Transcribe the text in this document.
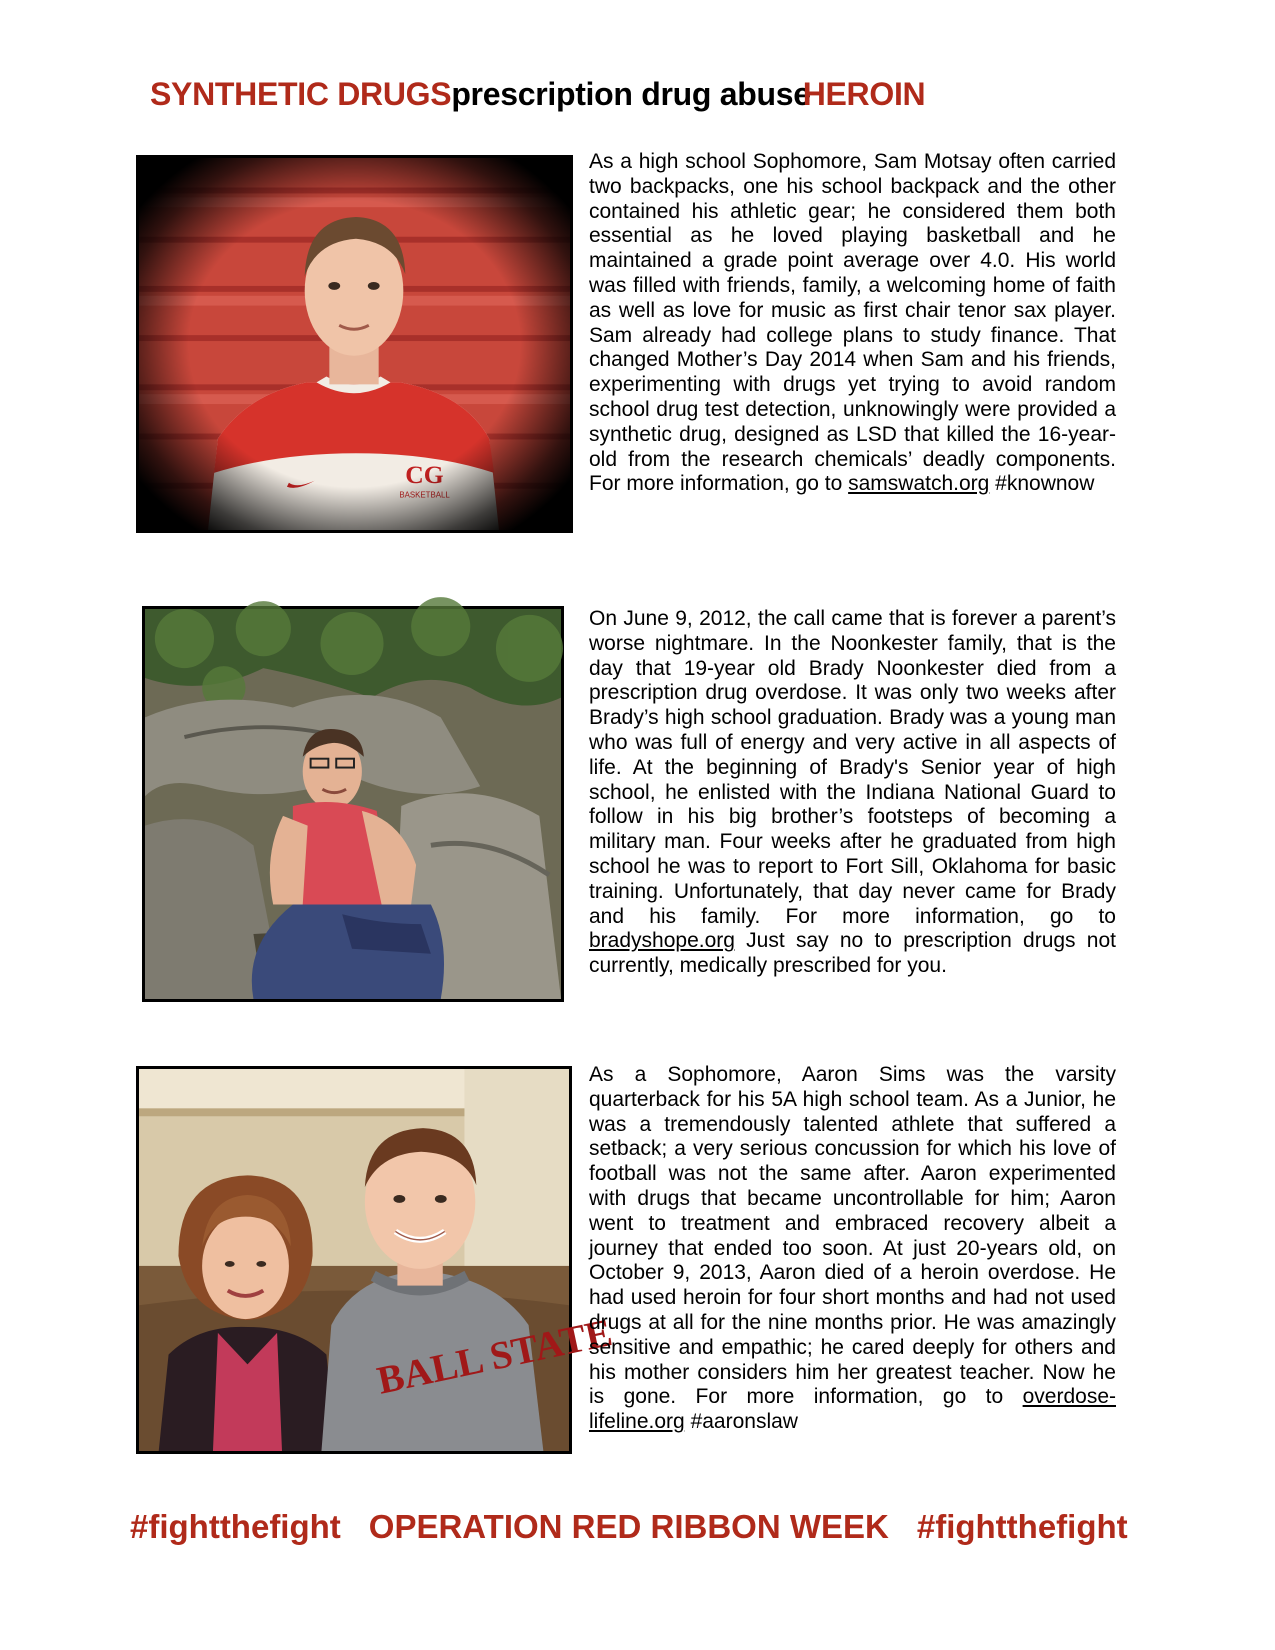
SYNTHETIC DRUGSprescription drug abuseHEROIN
BALL STATE

As a high school Sophomore, Sam Motsay often carried two backpacks, one his school backpack and the other contained his athletic gear; he considered them both essential as he loved playing basketball and he maintained a grade point average over 4.0. His world was filled with friends, family, a welcoming home of faith as well as love for music as first chair tenor sax player. Sam already had college plans to study finance. That changed Mother’s Day 2014 when Sam and his friends, experimenting with drugs yet trying to avoid random school drug test detection, unknowingly were provided a synthetic drug, designed as LSD that killed the 16-year-old from the research chemicals’ deadly components. For more information, go to samswatch.org #knownow

On June 9, 2012, the call came that is forever a parent’s worse nightmare. In the Noonkester family, that is the day that 19-year old Brady Noonkester died from a prescription drug overdose. It was only two weeks after Brady’s high school graduation. Brady was a young man who was full of energy and very active in all aspects of life. At the beginning of Brady's Senior year of high school, he enlisted with the Indiana National Guard to follow in his big brother’s footsteps of becoming a military man. Four weeks after he graduated from high school he was to report to Fort Sill, Oklahoma for basic training. Unfortunately, that day never came for Brady and his family. For more information, go to bradyshope.org Just say no to prescription drugs not currently, medically prescribed for you.

As a Sophomore, Aaron Sims was the varsity quarterback for his 5A high school team. As a Junior, he was a tremendously talented athlete that suffered a setback; a very serious concussion for which his love of football was not the same after. Aaron experimented with drugs that became uncontrollable for him; Aaron went to treatment and embraced recovery albeit a journey that ended too soon. At just 20-years old, on October 9, 2013, Aaron died of a heroin overdose. He had used heroin for four short months and had not used drugs at all for the nine months prior. He was amazingly sensitive and empathic; he cared deeply for others and his mother considers him her greatest teacher. Now he is gone. For more information, go to overdose-lifeline.org #aaronslaw

#fightthefight OPERATION RED RIBBON WEEK #fightthefight
